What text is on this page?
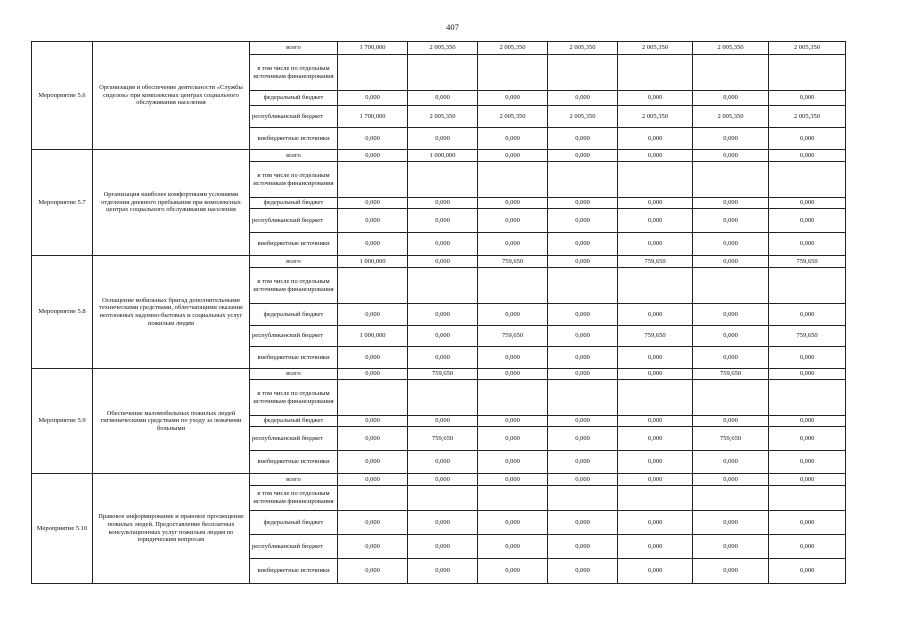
407
Мероприятие 5.6	Организация и обеспечение деятельности «Службы сиделок» при комплексных центрах социального обслуживания населения	всего	1 700,000	2 005,350	2 005,350	2 005,350	2 005,350	2 005,350	2 005,350
		в том числе по отдельным источникам финансирования							
		федеральный бюджет	0,000	0,000	0,000	0,000	0,000	0,000	0,000
		республиканский бюджет	1 700,000	2 005,350	2 005,350	2 005,350	2 005,350	2 005,350	2 005,350
		внебюджетные источники	0,000	0,000	0,000	0,000	0,000	0,000	0,000
Мероприятие 5.7	Организация наиболее комфортными условиями отделения дневного пребывания при комплексных центрах социального обслуживания населения	всего	0,000	1 000,000	0,000	0,000	0,000	0,000	0,000
		в том числе по отдельным источникам финансирования							
		федеральный бюджет	0,000	0,000	0,000	0,000	0,000	0,000	0,000
		республиканский бюджет	0,000	0,000	0,000	0,000	0,000	0,000	0,000
		внебюджетные источники	0,000	0,000	0,000	0,000	0,000	0,000	0,000
Мероприятие 5.8	Оснащение мобильных бригад дополнительными техническими средствами, облегчающими оказание неотложных надомно-бытовых и социальных услуг пожилым людям	всего	1 000,000	0,000	759,650	0,000	759,650	0,000	759,650
		в том числе по отдельным источникам финансирования							
		федеральный бюджет	0,000	0,000	0,000	0,000	0,000	0,000	0,000
		республиканский бюджет	1 000,000	0,000	759,650	0,000	759,650	0,000	759,650
		внебюджетные источники	0,000	0,000	0,000	0,000	0,000	0,000	0,000
Мероприятие 5.9	Обеспечение маломобильных пожилых людей гигиеническими средствами по уходу за лежачими больными	всего	0,000	759,650	0,000	0,000	0,000	759,650	0,000
		в том числе по отдельным источникам финансирования							
		федеральный бюджет	0,000	0,000	0,000	0,000	0,000	0,000	0,000
		республиканский бюджет	0,000	759,650	0,000	0,000	0,000	759,650	0,000
		внебюджетные источники	0,000	0,000	0,000	0,000	0,000	0,000	0,000
Мероприятие 5.10	Правовое информирование и правовое просвещение пожилых людей. Предоставление бесплатных консультационных услуг пожилым людям по юридическим вопросам	всего	0,000	0,000	0,000	0,000	0,000	0,000	0,000
		в том числе по отдельным источникам финансирования							
		федеральный бюджет	0,000	0,000	0,000	0,000	0,000	0,000	0,000
		республиканский бюджет	0,000	0,000	0,000	0,000	0,000	0,000	0,000
		внебюджетные источники	0,000	0,000	0,000	0,000	0,000	0,000	0,000
